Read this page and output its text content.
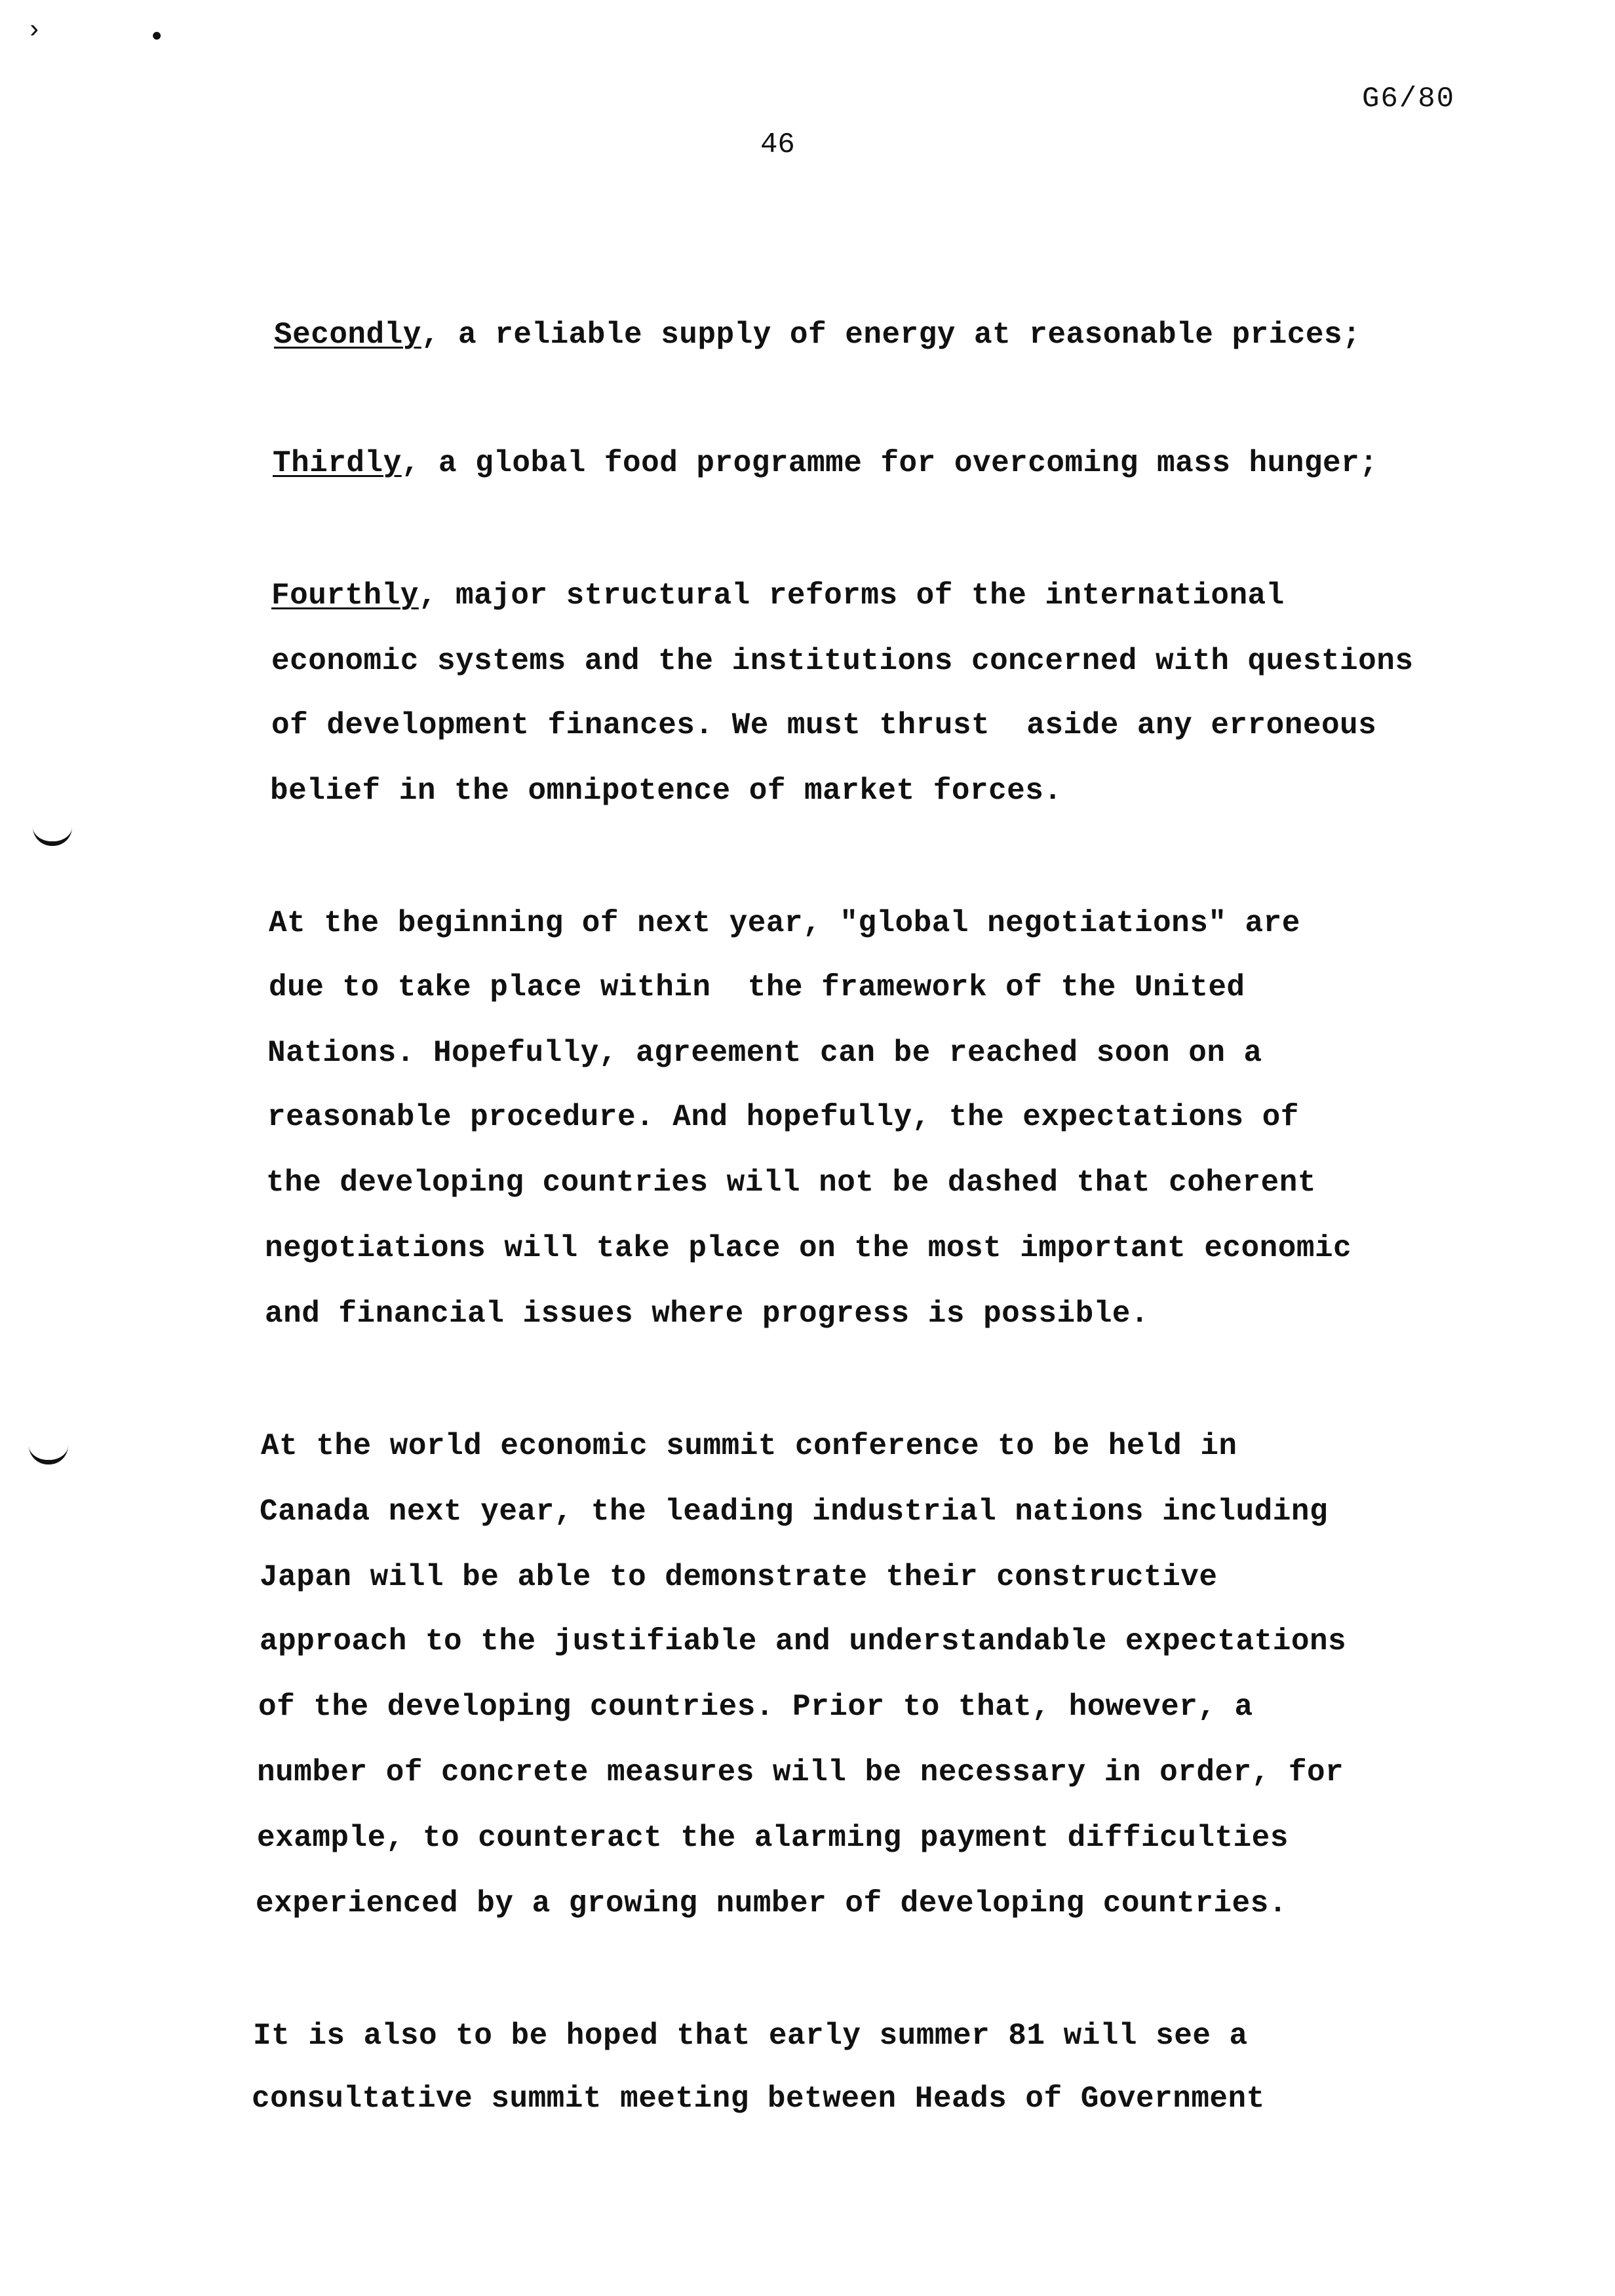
›	•
G6/80
46
Secondly, a reliable supply of energy at reasonable prices;
Thirdly, a global food programme for overcoming mass hunger;
Fourthly, major structural reforms of the international
economic systems and the institutions concerned with questions
of development finances. We must thrust  aside any erroneous
belief in the omnipotence of market forces.
At the beginning of next year, "global negotiations" are
due to take place within  the framework of the United
Nations. Hopefully, agreement can be reached soon on a
reasonable procedure. And hopefully, the expectations of
the developing countries will not be dashed that coherent
negotiations will take place on the most important economic
and financial issues where progress is possible.
At the world economic summit conference to be held in
Canada next year, the leading industrial nations including
Japan will be able to demonstrate their constructive
approach to the justifiable and understandable expectations
of the developing countries. Prior to that, however, a
number of concrete measures will be necessary in order, for
example, to counteract the alarming payment difficulties
experienced by a growing number of developing countries.
It is also to be hoped that early summer 81 will see a
consultative summit meeting between Heads of Government
